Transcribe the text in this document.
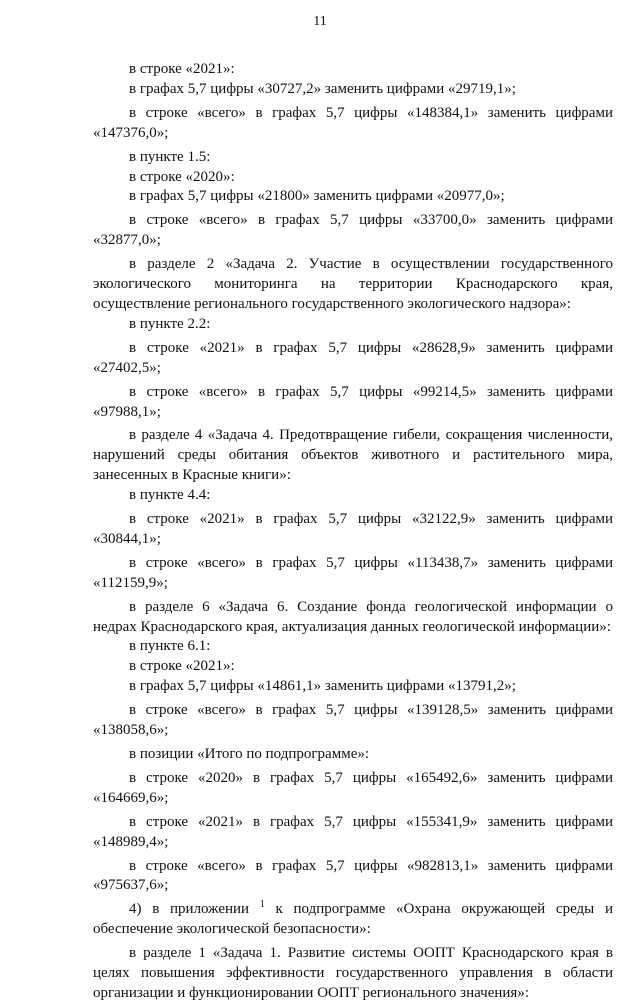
11

в строке «2021»:

в графах 5,7 цифры «30727,2» заменить цифрами «29719,1»;

в строке «всего» в графах 5,7 цифры «148384,1» заменить цифрами «147376,0»;

в пункте 1.5:

в строке «2020»:

в графах 5,7 цифры «21800» заменить цифрами «20977,0»;

в строке «всего» в графах 5,7 цифры «33700,0» заменить цифрами «32877,0»;

в разделе 2 «Задача 2. Участие в осуществлении государственного экологического мониторинга на территории Краснодарского края, осуществление регионального государственного экологического надзора»:

в пункте 2.2:

в строке «2021» в графах 5,7 цифры «28628,9» заменить цифрами «27402,5»;

в строке «всего» в графах 5,7 цифры «99214,5» заменить цифрами «97988,1»;

в разделе 4 «Задача 4. Предотвращение гибели, сокращения численности, нарушений среды обитания объектов животного и растительного мира, занесенных в Красные книги»:

в пункте 4.4:

в строке «2021» в графах 5,7 цифры «32122,9» заменить цифрами «30844,1»;

в строке «всего» в графах 5,7 цифры «113438,7» заменить цифрами «112159,9»;

в разделе 6 «Задача 6. Создание фонда геологической информации о недрах Краснодарского края, актуализация данных геологической информации»:

в пункте 6.1:

в строке «2021»:

в графах 5,7 цифры «14861,1» заменить цифрами «13791,2»;

в строке «всего» в графах 5,7 цифры «139128,5» заменить цифрами «138058,6»;

в позиции «Итого по подпрограмме»:

в строке «2020» в графах 5,7 цифры «165492,6» заменить цифрами «164669,6»;

в строке «2021» в графах 5,7 цифры «155341,9» заменить цифрами «148989,4»;

в строке «всего» в графах 5,7 цифры «982813,1» заменить цифрами «975637,6»;

4) в приложении $^1$ к подпрограмме «Охрана окружающей среды и обеспечение экологической безопасности»:

в разделе 1 «Задача 1. Развитие системы ООПТ Краснодарского края в целях повышения эффективности государственного управления в области организации и функционировании ООПТ регионального значения»:
